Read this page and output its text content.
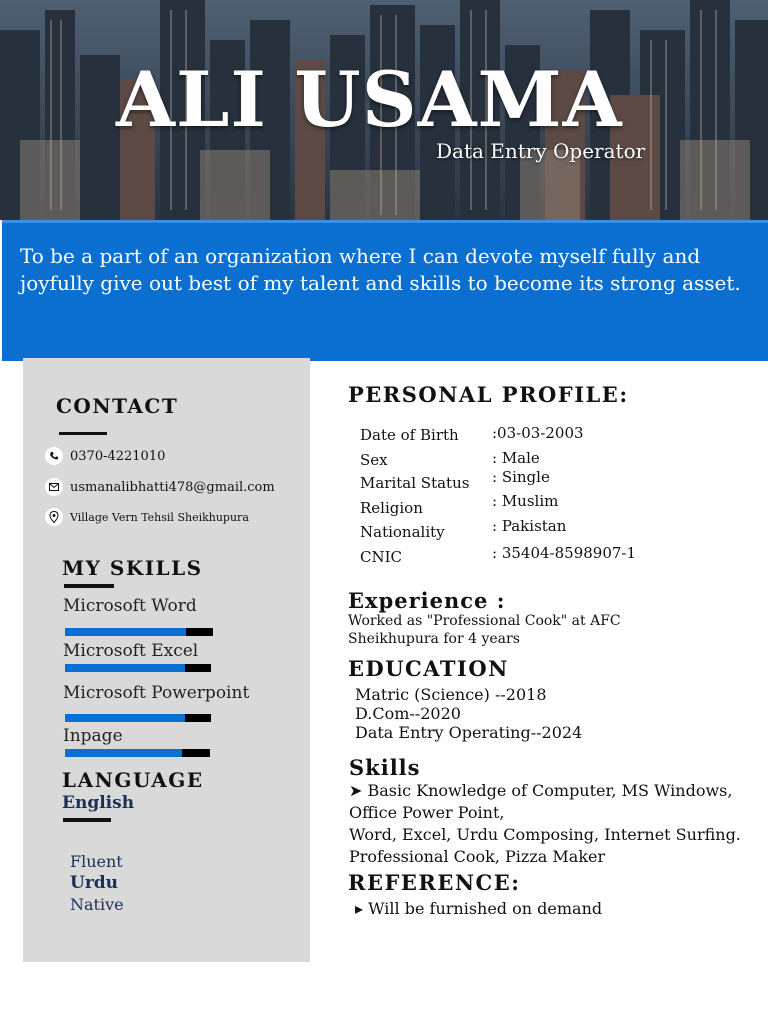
ALI USAMA
Data Entry Operator

To be a part of an organization where I can devote myself fully and joyfully give out best of my talent and skills to become its strong asset.

CONTACT
0370-4221010
usmanalibhatti478@gmail.com
Village Vern Tehsil Sheikhupura
MY SKILLS
Microsoft Word
Microsoft Excel
Microsoft Powerpoint
Inpage
LANGUAGE
English
Fluent
Urdu
Native
PERSONAL PROFILE:
Date of Birth :03-03-2003
Sex	: Male
Marital Status : Single
Religion	: Muslim
Nationality	: Pakistan
CNIC	: 35404-8598907-1
Experience :
Worked as "Professional Cook" at AFC
Sheikhupura for 4 years
EDUCATION
Matric (Science) --2018
D.Com--2020
Data Entry Operating--2024
Skills
➤ Basic Knowledge of Computer, MS Windows,
Office Power Point,
Word, Excel, Urdu Composing, Internet Surfing.
Professional Cook, Pizza Maker
REFERENCE:
▸ Will be furnished on demand
